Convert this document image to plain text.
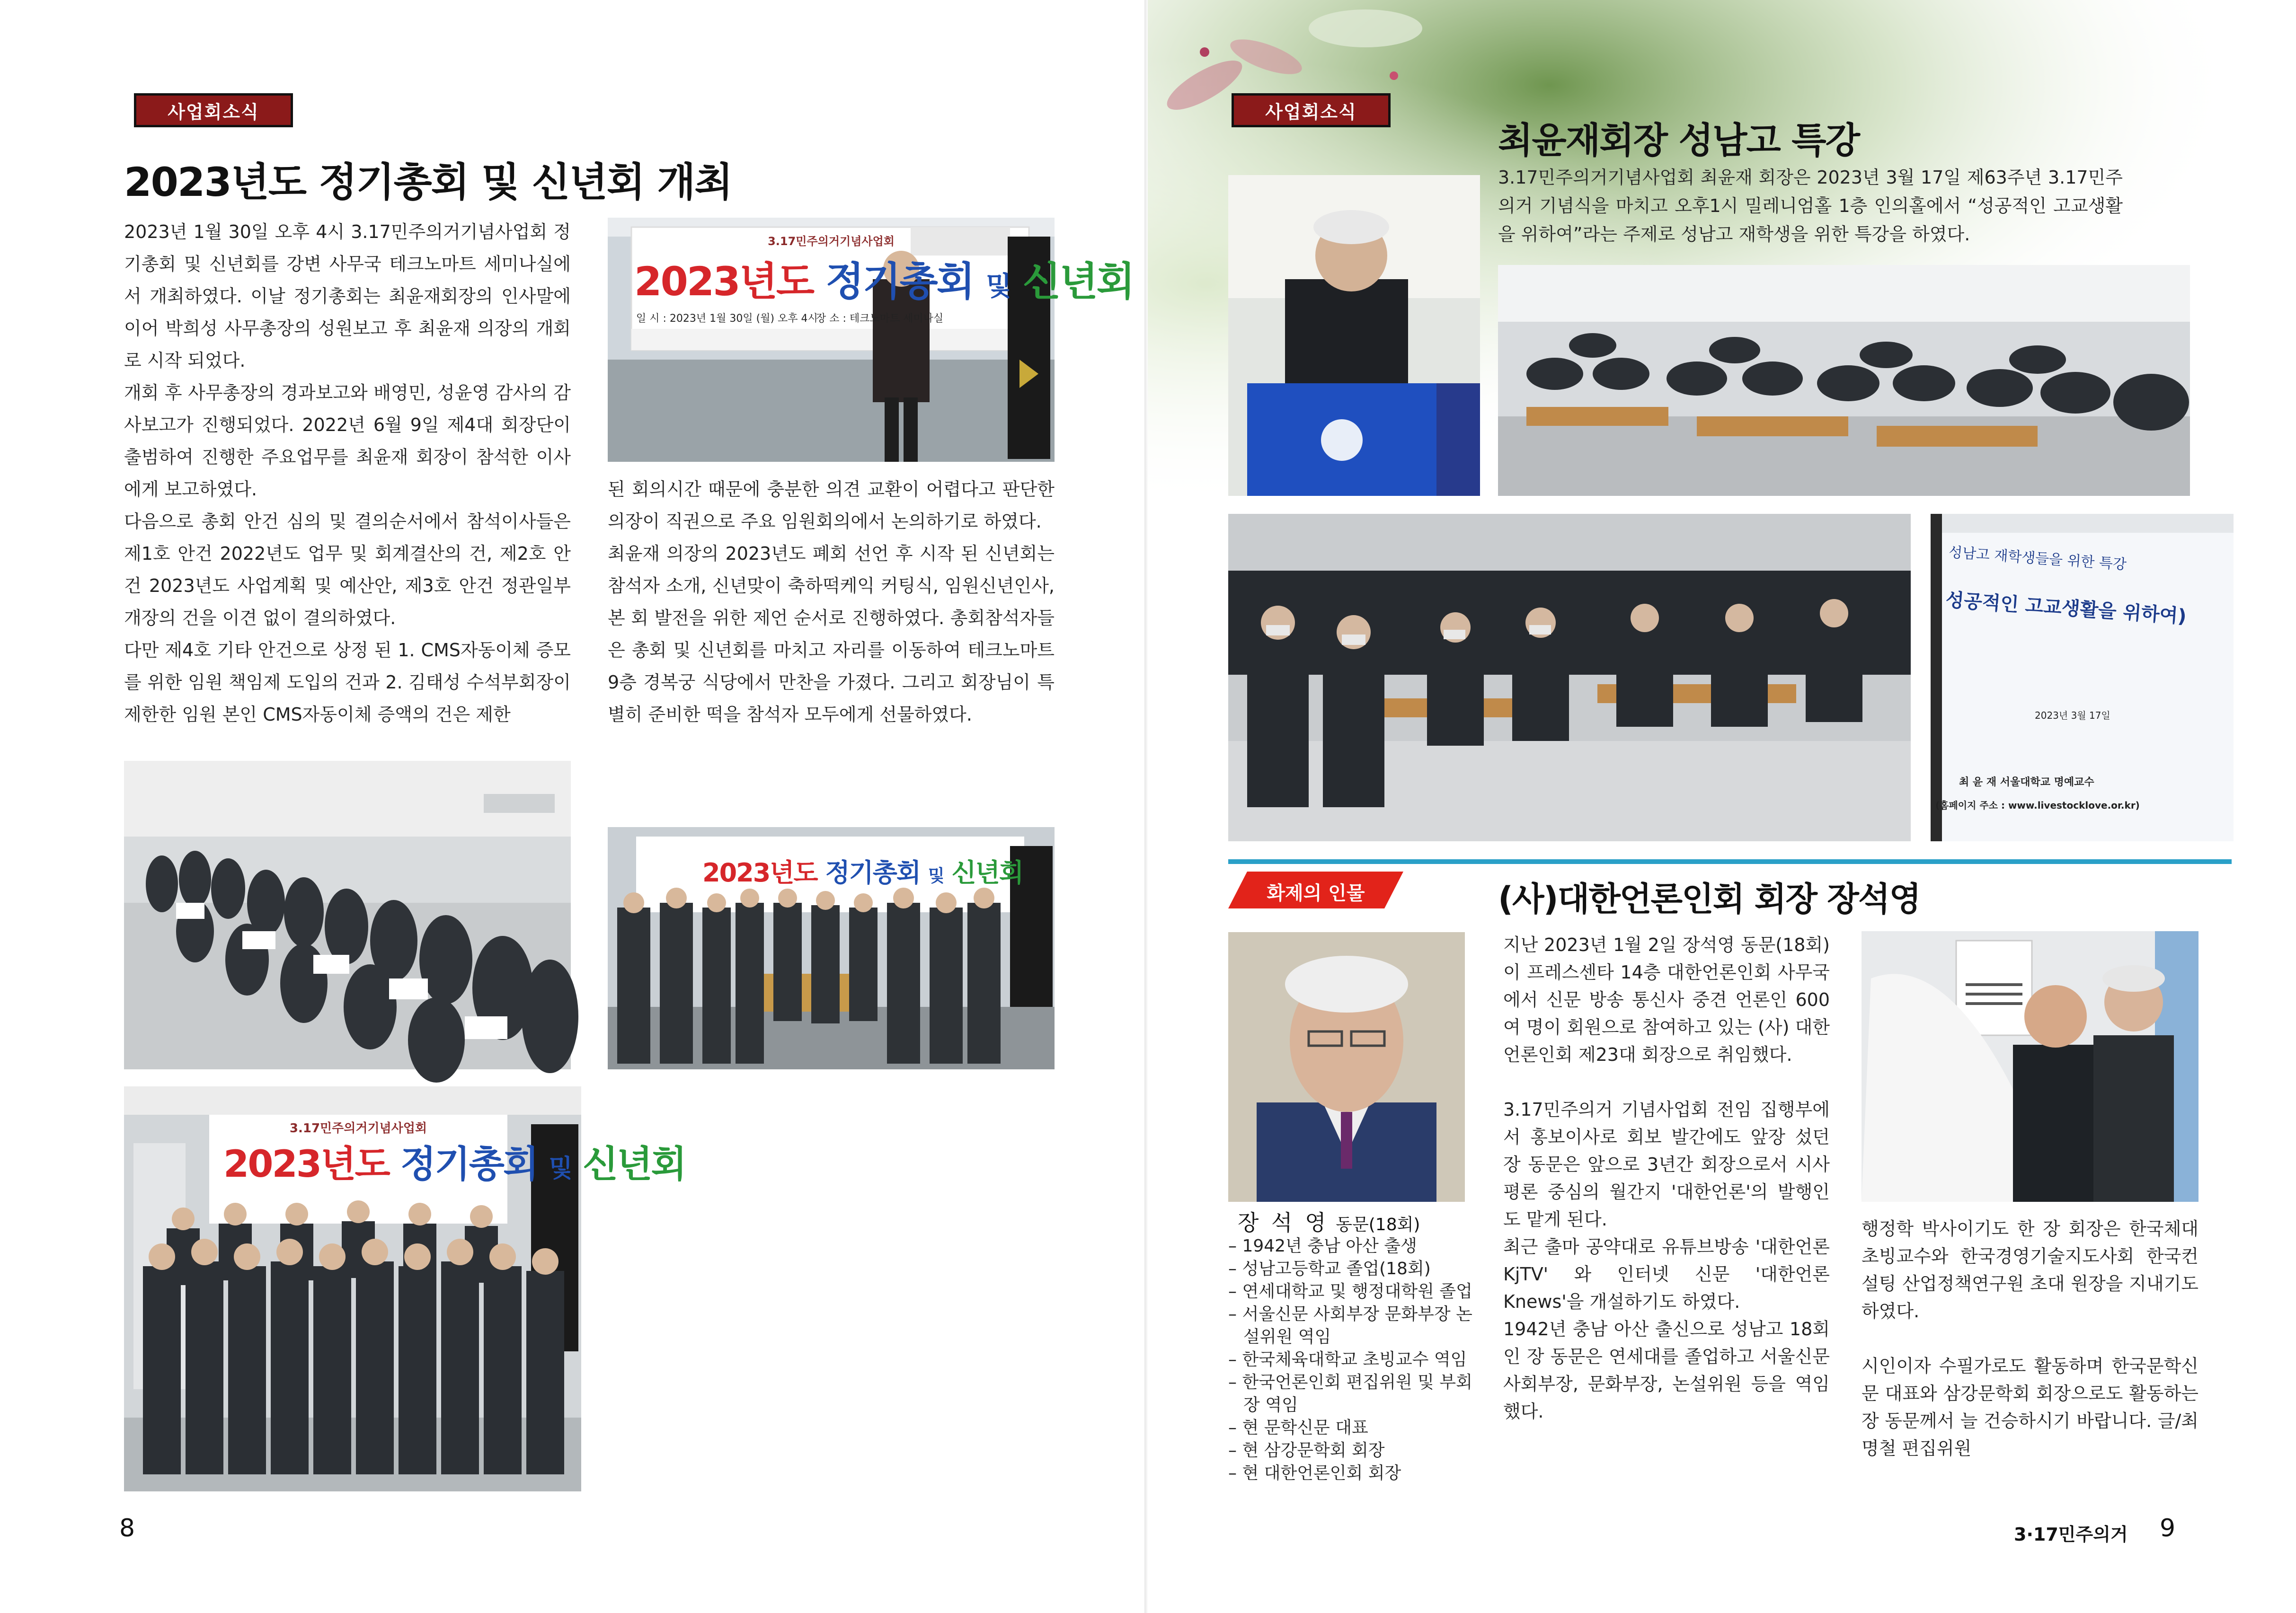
사업회소식
2023년도 정기총회 및 신년회 개최

2023년 1월 30일 오후 4시 3.17민주의거기념사업회 정기총회 및 신년회를 강변 사무국 테크노마트 세미나실에서 개최하였다. 이날 정기총회는 최윤재회장의 인사말에 이어 박희성 사무총장의 성원보고 후 최윤재 의장의 개회로 시작 되었다.

개회 후 사무총장의 경과보고와 배영민, 성윤영 감사의 감사보고가 진행되었다. 2022년 6월 9일 제4대 회장단이 출범하여 진행한 주요업무를 최윤재 회장이 참석한 이사에게 보고하였다.

다음으로 총회 안건 심의 및 결의순서에서 참석이사들은 제1호 안건 2022년도 업무 및 회계결산의 건, 제2호 안건 2023년도 사업계획 및 예산안, 제3호 안건 정관일부 개장의 건을 이견 없이 결의하였다.

다만 제4호 기타 안건으로 상정 된 1. CMS자동이체 증모를 위한 임원 책임제 도입의 건과 2. 김태성 수석부회장이 제한한 임원 본인 CMS자동이체 증액의 건은 제한

3.17민주의거기념사업회
2023년도 정기총회 및 신년회
일 시 : 2023년 1월 30일 (월) 오후 4시
장 소 : 테크노마트 세미나실

된 회의시간 때문에 충분한 의견 교환이 어렵다고 판단한 의장이 직권으로 주요 임원회의에서 논의하기로 하였다.

최윤재 의장의 2023년도 폐회 선언 후 시작 된 신년회는 참석자 소개, 신년맞이 축하떡케익 커팅식, 임원신년인사, 본 회 발전을 위한 제언 순서로 진행하였다. 총회참석자들은 총회 및 신년회를 마치고 자리를 이동하여 테크노마트 9층 경복궁 식당에서 만찬을 가졌다. 그리고 회장님이 특별히 준비한 떡을 참석자 모두에게 선물하였다.

2023년도 정기총회 및 신년회
3.17민주의거기념사업회
2023년도 정기총회 및 신년회
8
사업회소식
최윤재회장 성남고 특강
3.17민주의거기념사업회 최윤재 회장은 2023년 3월 17일 제63주년 3.17민주의거 기념식을 마치고 오후1시 밀레니엄홀 1층 인의홀에서 “성공적인 고교생활을 위하여”라는 주제로 성남고 재학생을 위한 특강을 하였다.
성남고 재학생들을 위한 특강
성공적인 고교생활을 위하여)
2023년 3월 17일
최 윤 재 서울대학교 명예교수
(홈페이지 주소 : www.livestocklove.or.kr)
화제의 인물	(사)대한언론인회 회장 장석영
장 석 영 동문(18회)
– 1942년 충남 아산 출생
– 성남고등학교 졸업(18회)
– 연세대학교 및 행정대학원 졸업
– 서울신문 사회부장 문화부장 논설위원 역임
– 한국체육대학교 초빙교수 역임
– 한국언론인회 편집위원 및 부회장 역임
– 현 문학신문 대표
– 현 삼강문학회 회장
– 현 대한언론인회 회장

지난 2023년 1월 2일 장석영 동문(18회)이 프레스센타 14층 대한언론인회 사무국에서 신문 방송 통신사 중견 언론인 600여 명이 회원으로 참여하고 있는 (사) 대한언론인회 제23대 회장으로 취임했다.

3.17민주의거 기념사업회 전임 집행부에서 홍보이사로 회보 발간에도 앞장 섰던 장 동문은 앞으로 3년간 회장으로서 시사평론 중심의 월간지 '대한언론'의 발행인도 맡게 된다.

최근 출마 공약대로 유튜브방송 '대한언론 KjTV' 와 인터넷 신문 '대한언론 Knews'을 개설하기도 하였다.

1942년 충남 아산 출신으로 성남고 18회인 장 동문은 연세대를 졸업하고 서울신문 사회부장, 문화부장, 논설위원 등을 역임했다.

행정학 박사이기도 한 장 회장은 한국체대 초빙교수와 한국경영기술지도사회 한국컨설팅 산업정책연구원 초대 원장을 지내기도 하였다.

시인이자 수필가로도 활동하며 한국문학신문 대표와 삼강문학회 회장으로도 활동하는 장 동문께서 늘 건승하시기 바랍니다. 글/최명철 편집위원

3·17민주의거 9
